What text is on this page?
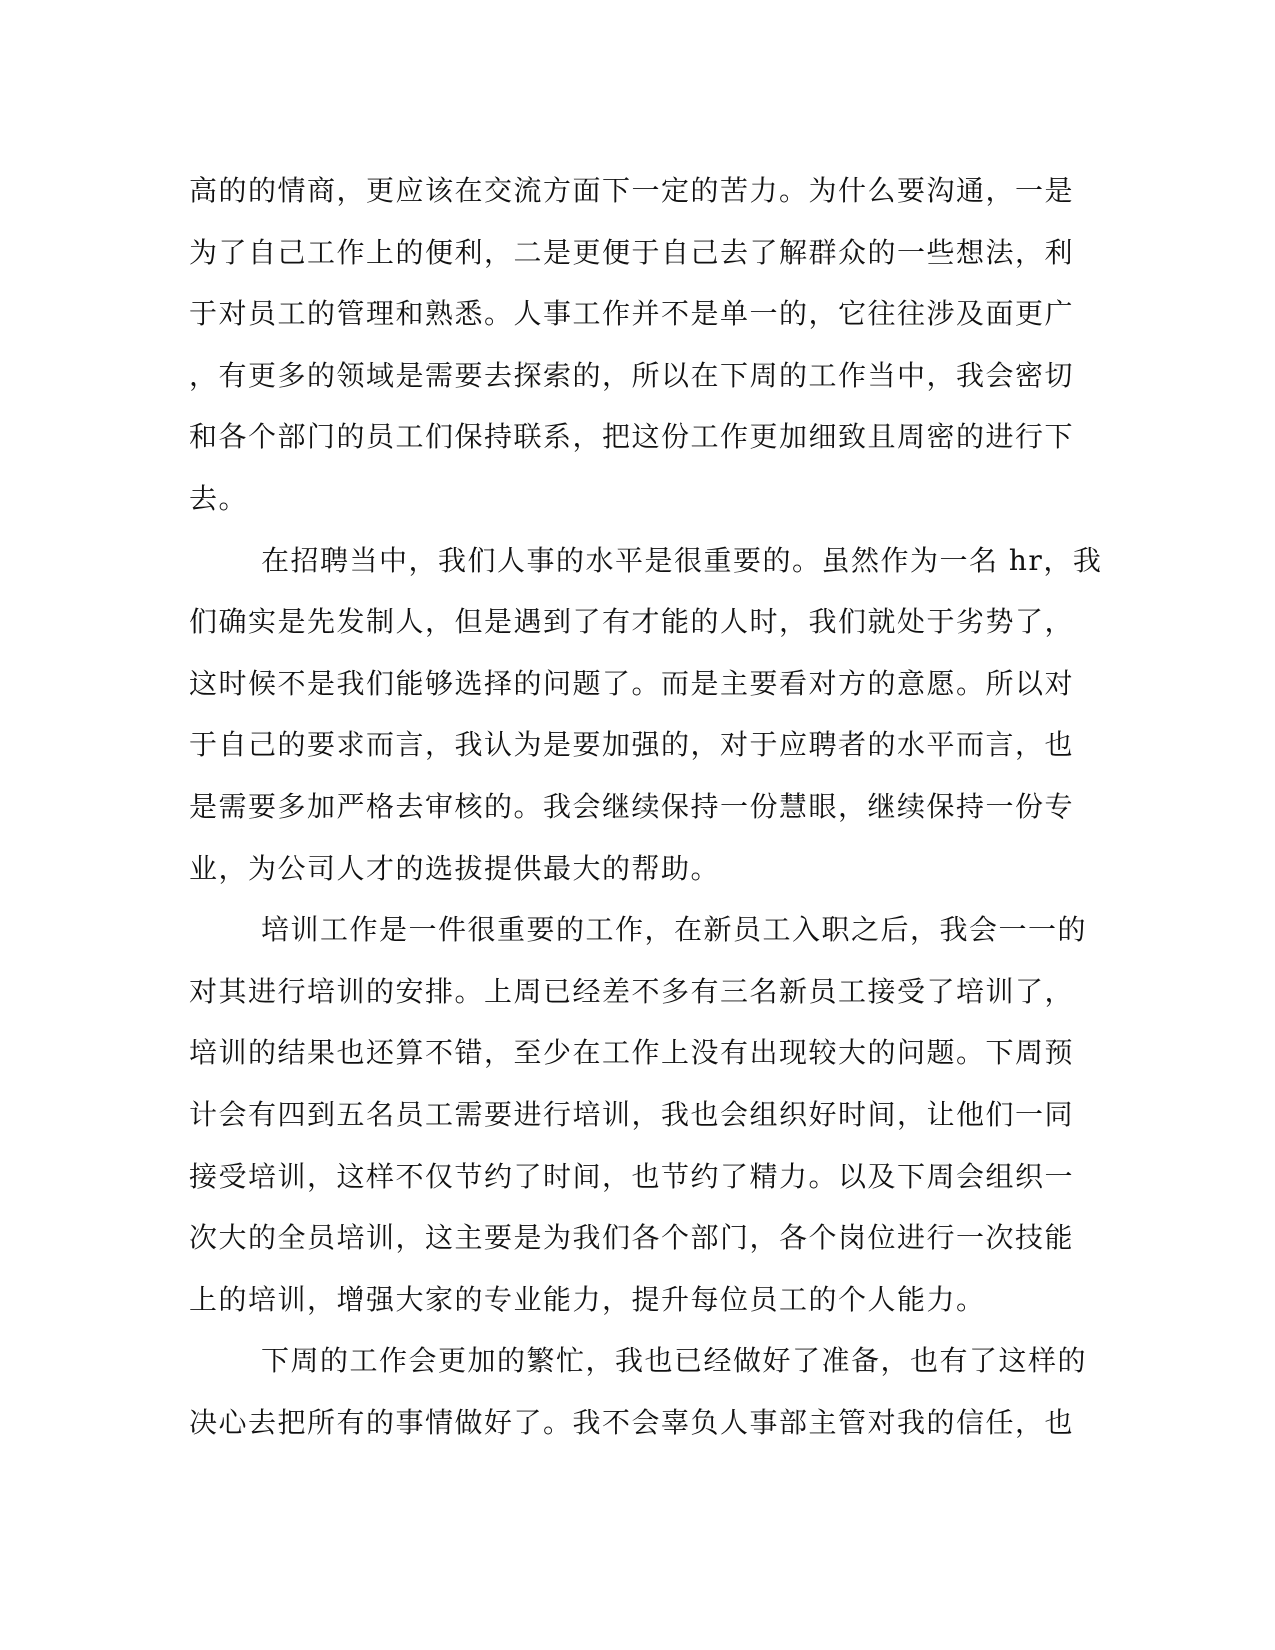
高的的情商，更应该在交流方面下一定的苦力。为什么要沟通，一是
为了自己工作上的便利，二是更便于自己去了解群众的一些想法，利
于对员工的管理和熟悉。人事工作并不是单一的，它往往涉及面更广
，有更多的领域是需要去探索的，所以在下周的工作当中，我会密切
和各个部门的员工们保持联系，把这份工作更加细致且周密的进行下
去。
在招聘当中，我们人事的水平是很重要的。虽然作为一名 hr，我
们确实是先发制人，但是遇到了有才能的人时，我们就处于劣势了，
这时候不是我们能够选择的问题了。而是主要看对方的意愿。所以对
于自己的要求而言，我认为是要加强的，对于应聘者的水平而言，也
是需要多加严格去审核的。我会继续保持一份慧眼，继续保持一份专
业，为公司人才的选拔提供最大的帮助。
培训工作是一件很重要的工作，在新员工入职之后，我会一一的
对其进行培训的安排。上周已经差不多有三名新员工接受了培训了，
培训的结果也还算不错，至少在工作上没有出现较大的问题。下周预
计会有四到五名员工需要进行培训，我也会组织好时间，让他们一同
接受培训，这样不仅节约了时间，也节约了精力。以及下周会组织一
次大的全员培训，这主要是为我们各个部门，各个岗位进行一次技能
上的培训，增强大家的专业能力，提升每位员工的个人能力。
下周的工作会更加的繁忙，我也已经做好了准备，也有了这样的
决心去把所有的事情做好了。我不会辜负人事部主管对我的信任，也
